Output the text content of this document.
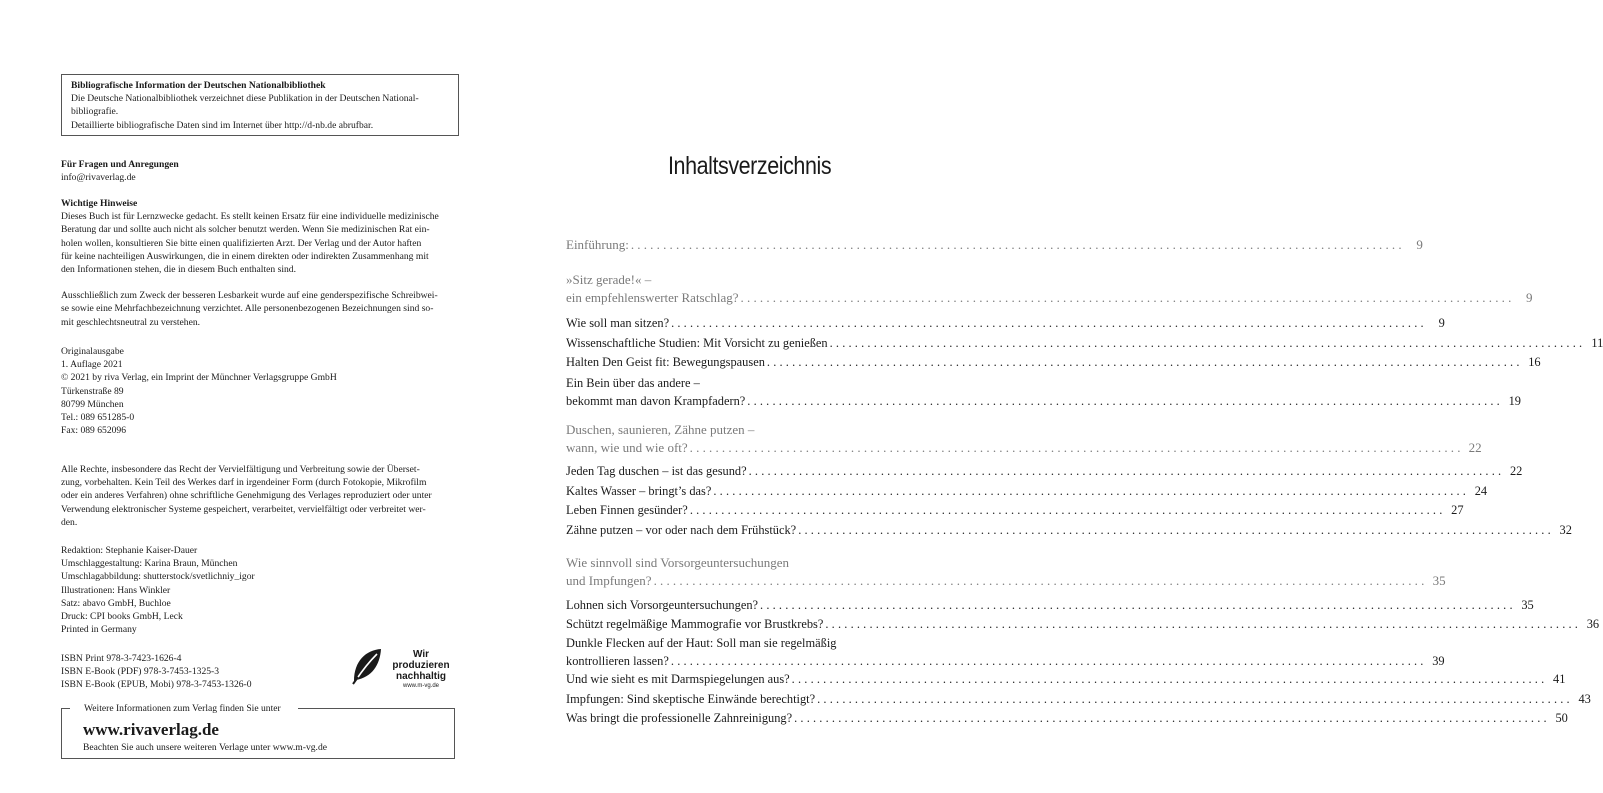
Bibliografische Information der Deutschen Nationalbibliothek
Die Deutsche Nationalbibliothek verzeichnet diese Publikation in der Deutschen National-
bibliografie.
Detaillierte bibliografische Daten sind im Internet über http://d-nb.de abrufbar.
Für Fragen und Anregungen
info@rivaverlag.de
Wichtige Hinweise
Dieses Buch ist für Lernzwecke gedacht. Es stellt keinen Ersatz für eine individuelle medizinische
Beratung dar und sollte auch nicht als solcher benutzt werden. Wenn Sie medizinischen Rat ein-
holen wollen, konsultieren Sie bitte einen qualifizierten Arzt. Der Verlag und der Autor haften
für keine nachteiligen Auswirkungen, die in einem direkten oder indirekten Zusammenhang mit
den Informationen stehen, die in diesem Buch enthalten sind.
Ausschließlich zum Zweck der besseren Lesbarkeit wurde auf eine genderspezifische Schreibwei-
se sowie eine Mehrfachbezeichnung verzichtet. Alle personenbezogenen Bezeichnungen sind so-
mit geschlechtsneutral zu verstehen.
Originalausgabe
1. Auflage 2021
© 2021 by riva Verlag, ein Imprint der Münchner Verlagsgruppe GmbH
Türkenstraße 89
80799 München
Tel.: 089 651285-0
Fax: 089 652096
Alle Rechte, insbesondere das Recht der Vervielfältigung und Verbreitung sowie der Überset-
zung, vorbehalten. Kein Teil des Werkes darf in irgendeiner Form (durch Fotokopie, Mikrofilm
oder ein anderes Verfahren) ohne schriftliche Genehmigung des Verlages reproduziert oder unter
Verwendung elektronischer Systeme gespeichert, verarbeitet, vervielfältigt oder verbreitet wer-
den.
Redaktion: Stephanie Kaiser-Dauer
Umschlaggestaltung: Karina Braun, München
Umschlagabbildung: shutterstock/svetlichniy_igor
Illustrationen: Hans Winkler
Satz: abavo GmbH, Buchloe
Druck: CPI books GmbH, Leck
Printed in Germany
ISBN Print 978-3-7423-1626-4
ISBN E-Book (PDF) 978-3-7453-1325-3
ISBN E-Book (EPUB, Mobi) 978-3-7453-1326-0
Wir produzieren
nachhaltig
www.m-vg.de
Weitere Informationen zum Verlag finden Sie unter
www.rivaverlag.de
Beachten Sie auch unsere weiteren Verlage unter www.m-vg.de
Inhaltsverzeichnis
Einführung: ........................................................................................................................ 9
»Sitz gerade!« –
ein empfehlenswerter Ratschlag? ........................................................................................................................ 9
Wie soll man sitzen? ........................................................................................................................ 9
Wissenschaftliche Studien: Mit Vorsicht zu genießen ........................................................................................................................ 11
Halten Den Geist fit: Bewegungspausen ........................................................................................................................ 16
Ein Bein über das andere –
bekommt man davon Krampfadern? ........................................................................................................................ 19
Duschen, saunieren, Zähne putzen –
wann, wie und wie oft? ........................................................................................................................ 22
Jeden Tag duschen – ist das gesund? ........................................................................................................................ 22
Kaltes Wasser – bringt’s das? ........................................................................................................................ 24
Leben Finnen gesünder? ........................................................................................................................ 27
Zähne putzen – vor oder nach dem Frühstück? ........................................................................................................................ 32
Wie sinnvoll sind Vorsorgeuntersuchungen
und Impfungen? ........................................................................................................................ 35
Lohnen sich Vorsorgeuntersuchungen? ........................................................................................................................ 35
Schützt regelmäßige Mammografie vor Brustkrebs? ........................................................................................................................ 36
Dunkle Flecken auf der Haut: Soll man sie regelmäßig
kontrollieren lassen? ........................................................................................................................ 39
Und wie sieht es mit Darmspiegelungen aus? ........................................................................................................................ 41
Impfungen: Sind skeptische Einwände berechtigt? ........................................................................................................................ 43
Was bringt die professionelle Zahnreinigung? ........................................................................................................................ 50
